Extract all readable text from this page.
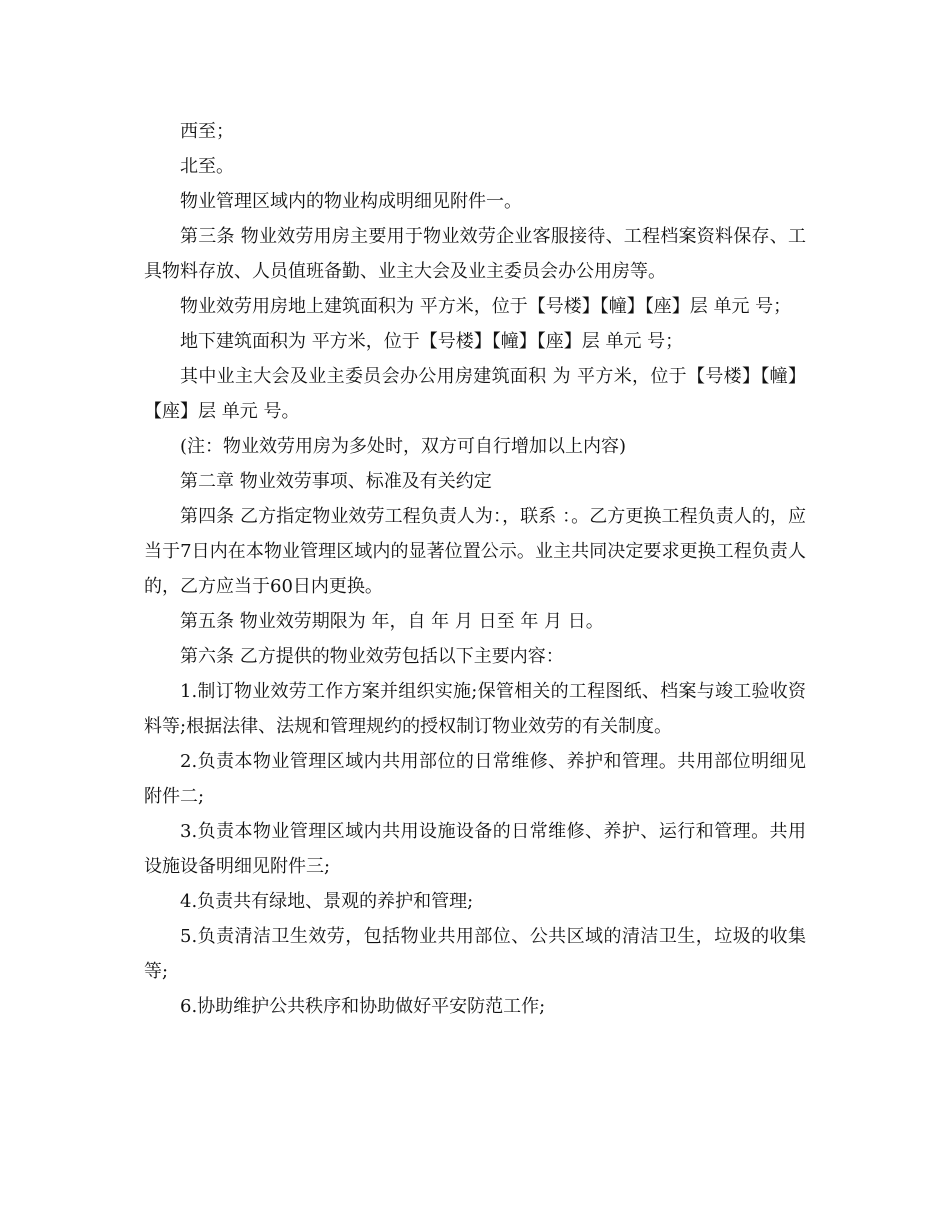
西至；

北至。

物业管理区域内的物业构成明细见附件一。

第三条 物业效劳用房主要用于物业效劳企业客服接待、工程档案资料保存、工具物料存放、人员值班备勤、业主大会及业主委员会办公用房等。

物业效劳用房地上建筑面积为 平方米，位于【号楼】【幢】【座】层 单元 号；

地下建筑面积为 平方米，位于【号楼】【幢】【座】层 单元 号；

其中业主大会及业主委员会办公用房建筑面积 为 平方米，位于【号楼】【幢】【座】层 单元 号。

(注：物业效劳用房为多处时，双方可自行增加以上内容)

第二章 物业效劳事项、标准及有关约定

第四条 乙方指定物业效劳工程负责人为：，联系 ：。乙方更换工程负责人的，应当于7日内在本物业管理区域内的显著位置公示。业主共同决定要求更换工程负责人的，乙方应当于60日内更换。

第五条 物业效劳期限为 年，自 年 月 日至 年 月 日。

第六条 乙方提供的物业效劳包括以下主要内容：

1.制订物业效劳工作方案并组织实施;保管相关的工程图纸、档案与竣工验收资料等;根据法律、法规和管理规约的授权制订物业效劳的有关制度。

2.负责本物业管理区域内共用部位的日常维修、养护和管理。共用部位明细见附件二;

3.负责本物业管理区域内共用设施设备的日常维修、养护、运行和管理。共用设施设备明细见附件三;

4.负责共有绿地、景观的养护和管理;

5.负责清洁卫生效劳，包括物业共用部位、公共区域的清洁卫生，垃圾的收集等;

6.协助维护公共秩序和协助做好平安防范工作;
